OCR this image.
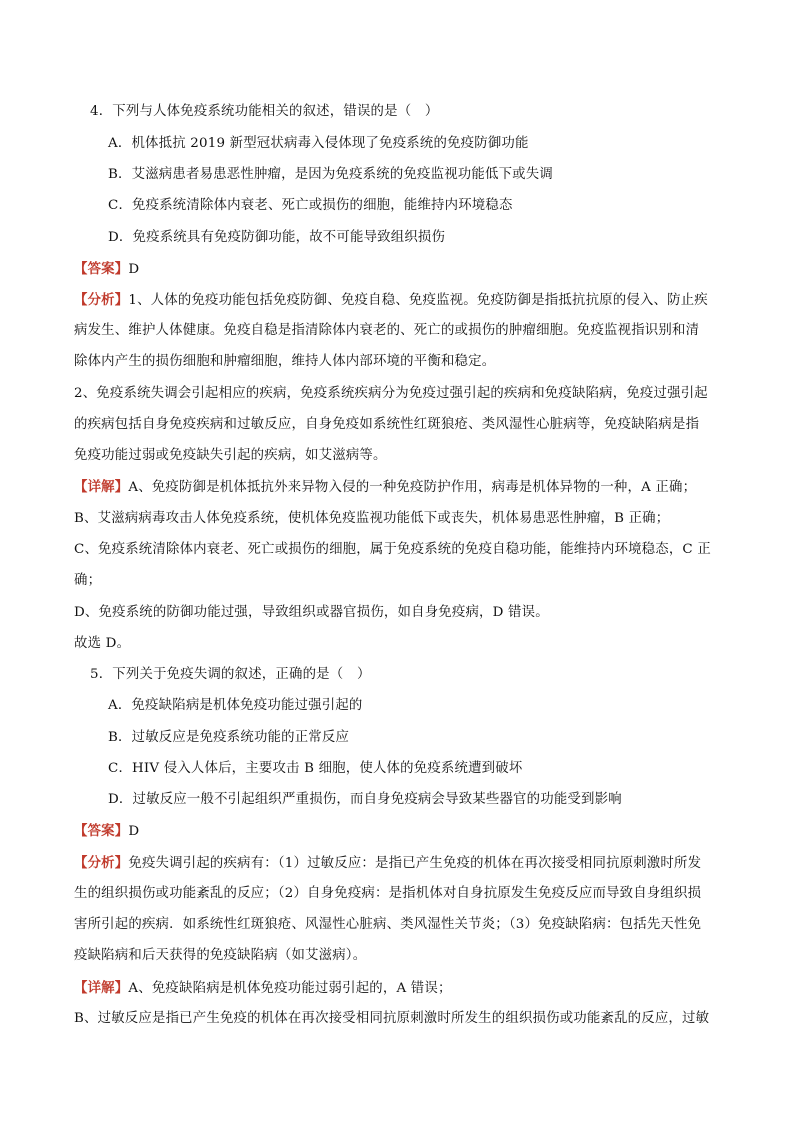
4．下列与人体免疫系统功能相关的叙述，错误的是（　）
A．机体抵抗 2019 新型冠状病毒入侵体现了免疫系统的免疫防御功能
B．艾滋病患者易患恶性肿瘤，是因为免疫系统的免疫监视功能低下或失调
C．免疫系统清除体内衰老、死亡或损伤的细胞，能维持内环境稳态
D．免疫系统具有免疫防御功能，故不可能导致组织损伤
【答案】D
【分析】1、人体的免疫功能包括免疫防御、免疫自稳、免疫监视。免疫防御是指抵抗抗原的侵入、防止疾
病发生、维护人体健康。免疫自稳是指清除体内衰老的、死亡的或损伤的肿瘤细胞。免疫监视指识别和清
除体内产生的损伤细胞和肿瘤细胞，维持人体内部环境的平衡和稳定。
2、免疫系统失调会引起相应的疾病，免疫系统疾病分为免疫过强引起的疾病和免疫缺陷病，免疫过强引起
的疾病包括自身免疫疾病和过敏反应，自身免疫如系统性红斑狼疮、类风湿性心脏病等，免疫缺陷病是指
免疫功能过弱或免疫缺失引起的疾病，如艾滋病等。
【详解】A、免疫防御是机体抵抗外来异物入侵的一种免疫防护作用，病毒是机体异物的一种，A 正确；
B、艾滋病病毒攻击人体免疫系统，使机体免疫监视功能低下或丧失，机体易患恶性肿瘤，B 正确；
C、免疫系统清除体内衰老、死亡或损伤的细胞，属于免疫系统的免疫自稳功能，能维持内环境稳态，C 正
确；
D、免疫系统的防御功能过强，导致组织或器官损伤，如自身免疫病，D 错误。
故选 D。
5．下列关于免疫失调的叙述，正确的是（　）
A．免疫缺陷病是机体免疫功能过强引起的
B．过敏反应是免疫系统功能的正常反应
C．HIV 侵入人体后，主要攻击 B 细胞，使人体的免疫系统遭到破坏
D．过敏反应一般不引起组织严重损伤，而自身免疫病会导致某些器官的功能受到影响
【答案】D
【分析】免疫失调引起的疾病有：（1）过敏反应：是指已产生免疫的机体在再次接受相同抗原刺激时所发
生的组织损伤或功能紊乱的反应；（2）自身免疫病：是指机体对自身抗原发生免疫反应而导致自身组织损
害所引起的疾病．如系统性红斑狼疮、风湿性心脏病、类风湿性关节炎；（3）免疫缺陷病：包括先天性免
疫缺陷病和后天获得的免疫缺陷病（如艾滋病）。
【详解】A、免疫缺陷病是机体免疫功能过弱引起的，A 错误；
B、过敏反应是指已产生免疫的机体在再次接受相同抗原刺激时所发生的组织损伤或功能紊乱的反应，过敏
